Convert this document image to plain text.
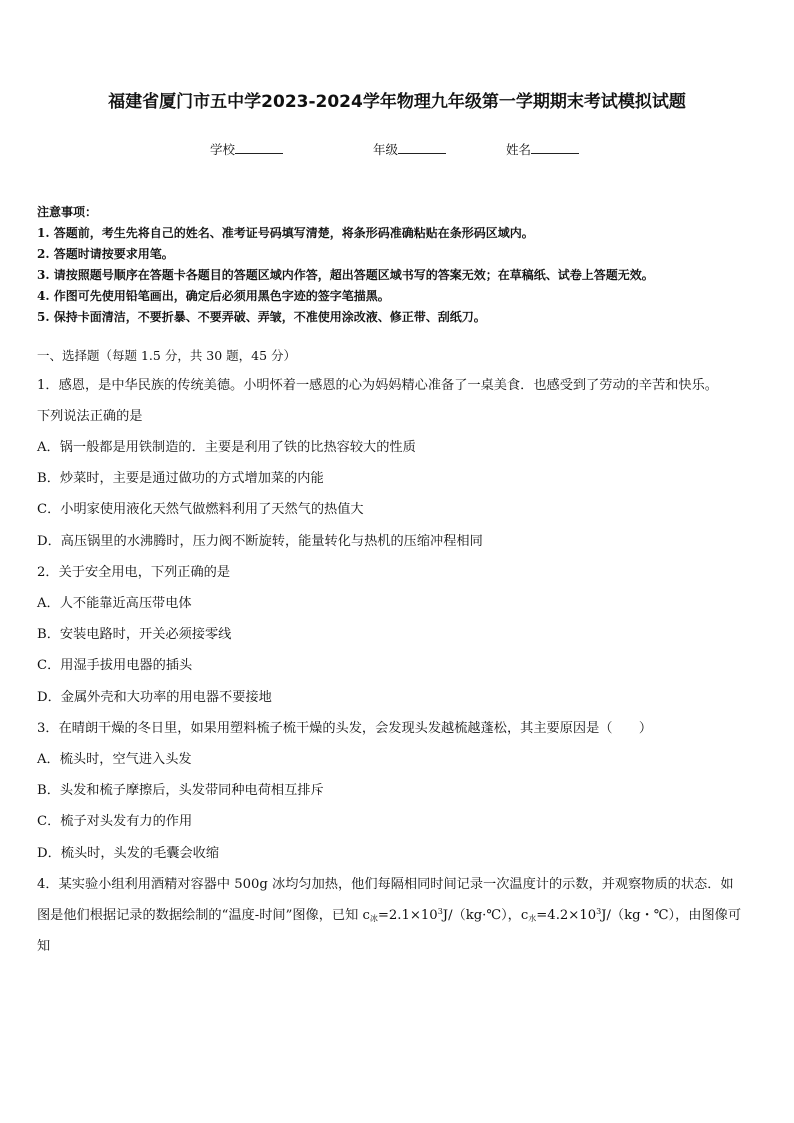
福建省厦门市五中学2023-2024学年物理九年级第一学期期末考试模拟试题
学校	年级	姓名
注意事项：
1. 答题前，考生先将自己的姓名、准考证号码填写清楚，将条形码准确粘贴在条形码区域内。
2. 答题时请按要求用笔。
3. 请按照题号顺序在答题卡各题目的答题区域内作答，超出答题区域书写的答案无效；在草稿纸、试卷上答题无效。
4. 作图可先使用铅笔画出，确定后必须用黑色字迹的签字笔描黑。
5. 保持卡面清洁，不要折暴、不要弄破、弄皱，不准使用涂改液、修正带、刮纸刀。
一、选择题（每题 1.5 分，共 30 题，45 分）
1．感恩，是中华民族的传统美德。小明怀着一感恩的心为妈妈精心准备了一桌美食．也感受到了劳动的辛苦和快乐。
下列说法正确的是
A．锅一般都是用铁制造的．主要是利用了铁的比热容较大的性质
B．炒菜时，主要是通过做功的方式增加菜的内能
C．小明家使用液化天然气做燃料利用了天然气的热值大
D．高压锅里的水沸腾时，压力阀不断旋转，能量转化与热机的压缩冲程相同
2．关于安全用电，下列正确的是
A．人不能靠近高压带电体
B．安装电路时，开关必须接零线
C．用湿手拔用电器的插头
D．金属外壳和大功率的用电器不要接地
3．在晴朗干燥的冬日里，如果用塑料梳子梳干燥的头发，会发现头发越梳越蓬松，其主要原因是（　　）
A．梳头时，空气进入头发
B．头发和梳子摩擦后，头发带同种电荷相互排斥
C．梳子对头发有力的作用
D．梳头时，头发的毛囊会收缩
4．某实验小组利用酒精对容器中 500g 冰均匀加热，他们每隔相同时间记录一次温度计的示数，并观察物质的状态．如
图是他们根据记录的数据绘制的“温度-时间”图像，已知 $c_冰=2.1\times 10^3J/(kg\cdot℃)$，$c_水=4.2\times 10^3J/(kg$・℃），由图像可
知
